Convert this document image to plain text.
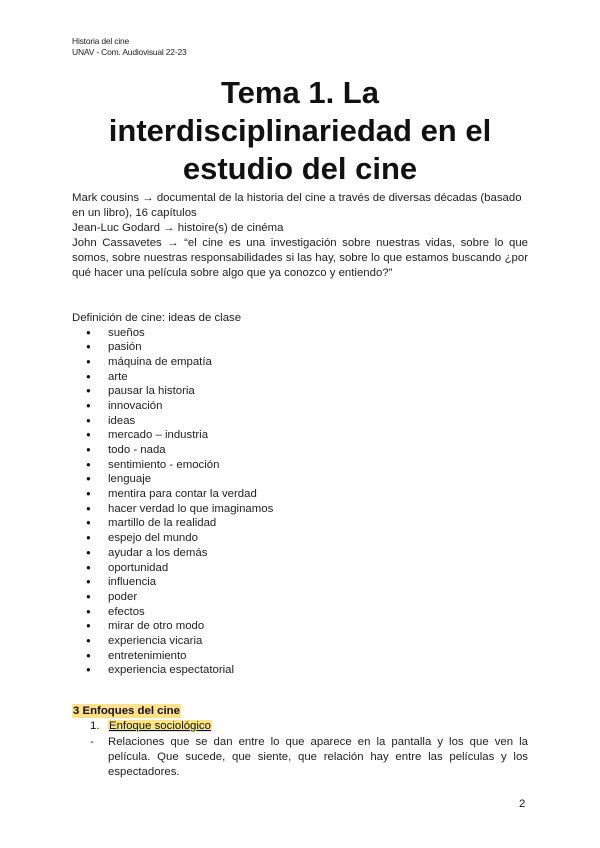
Historia del cine
UNAV - Com. Audiovisual 22-23
Tema 1. La interdisciplinariedad en el estudio del cine

Mark cousins → documental de la historia del cine a través de diversas décadas (basado en un libro), 16 capítulos

Jean-Luc Godard → histoire(s) de cinéma

John Cassavetes → “el cine es una investigación sobre nuestras vidas, sobre lo que somos, sobre nuestras responsabilidades si las hay, sobre lo que estamos buscando ¿por qué hacer una película sobre algo que ya conozco y entiendo?”

Definición de cine: ideas de clase
● sueños
● pasión
● máquina de empatía
● arte
● pausar la historia
● innovación
● ideas
● mercado – industria
● todo - nada
● sentimiento - emoción
● lenguaje
● mentira para contar la verdad
● hacer verdad lo que imaginamos
● martillo de la realidad
● espejo del mundo
● ayudar a los demás
● oportunidad
● influencia
● poder
● efectos
● mirar de otro modo
● experiencia vicaria
● entretenimiento
● experiencia espectatorial
3 Enfoques del cine
1. Enfoque sociológico
- Relaciones que se dan entre lo que aparece en la pantalla y los que ven la película. Que sucede, que siente, que relación hay entre las películas y los espectadores.
2
